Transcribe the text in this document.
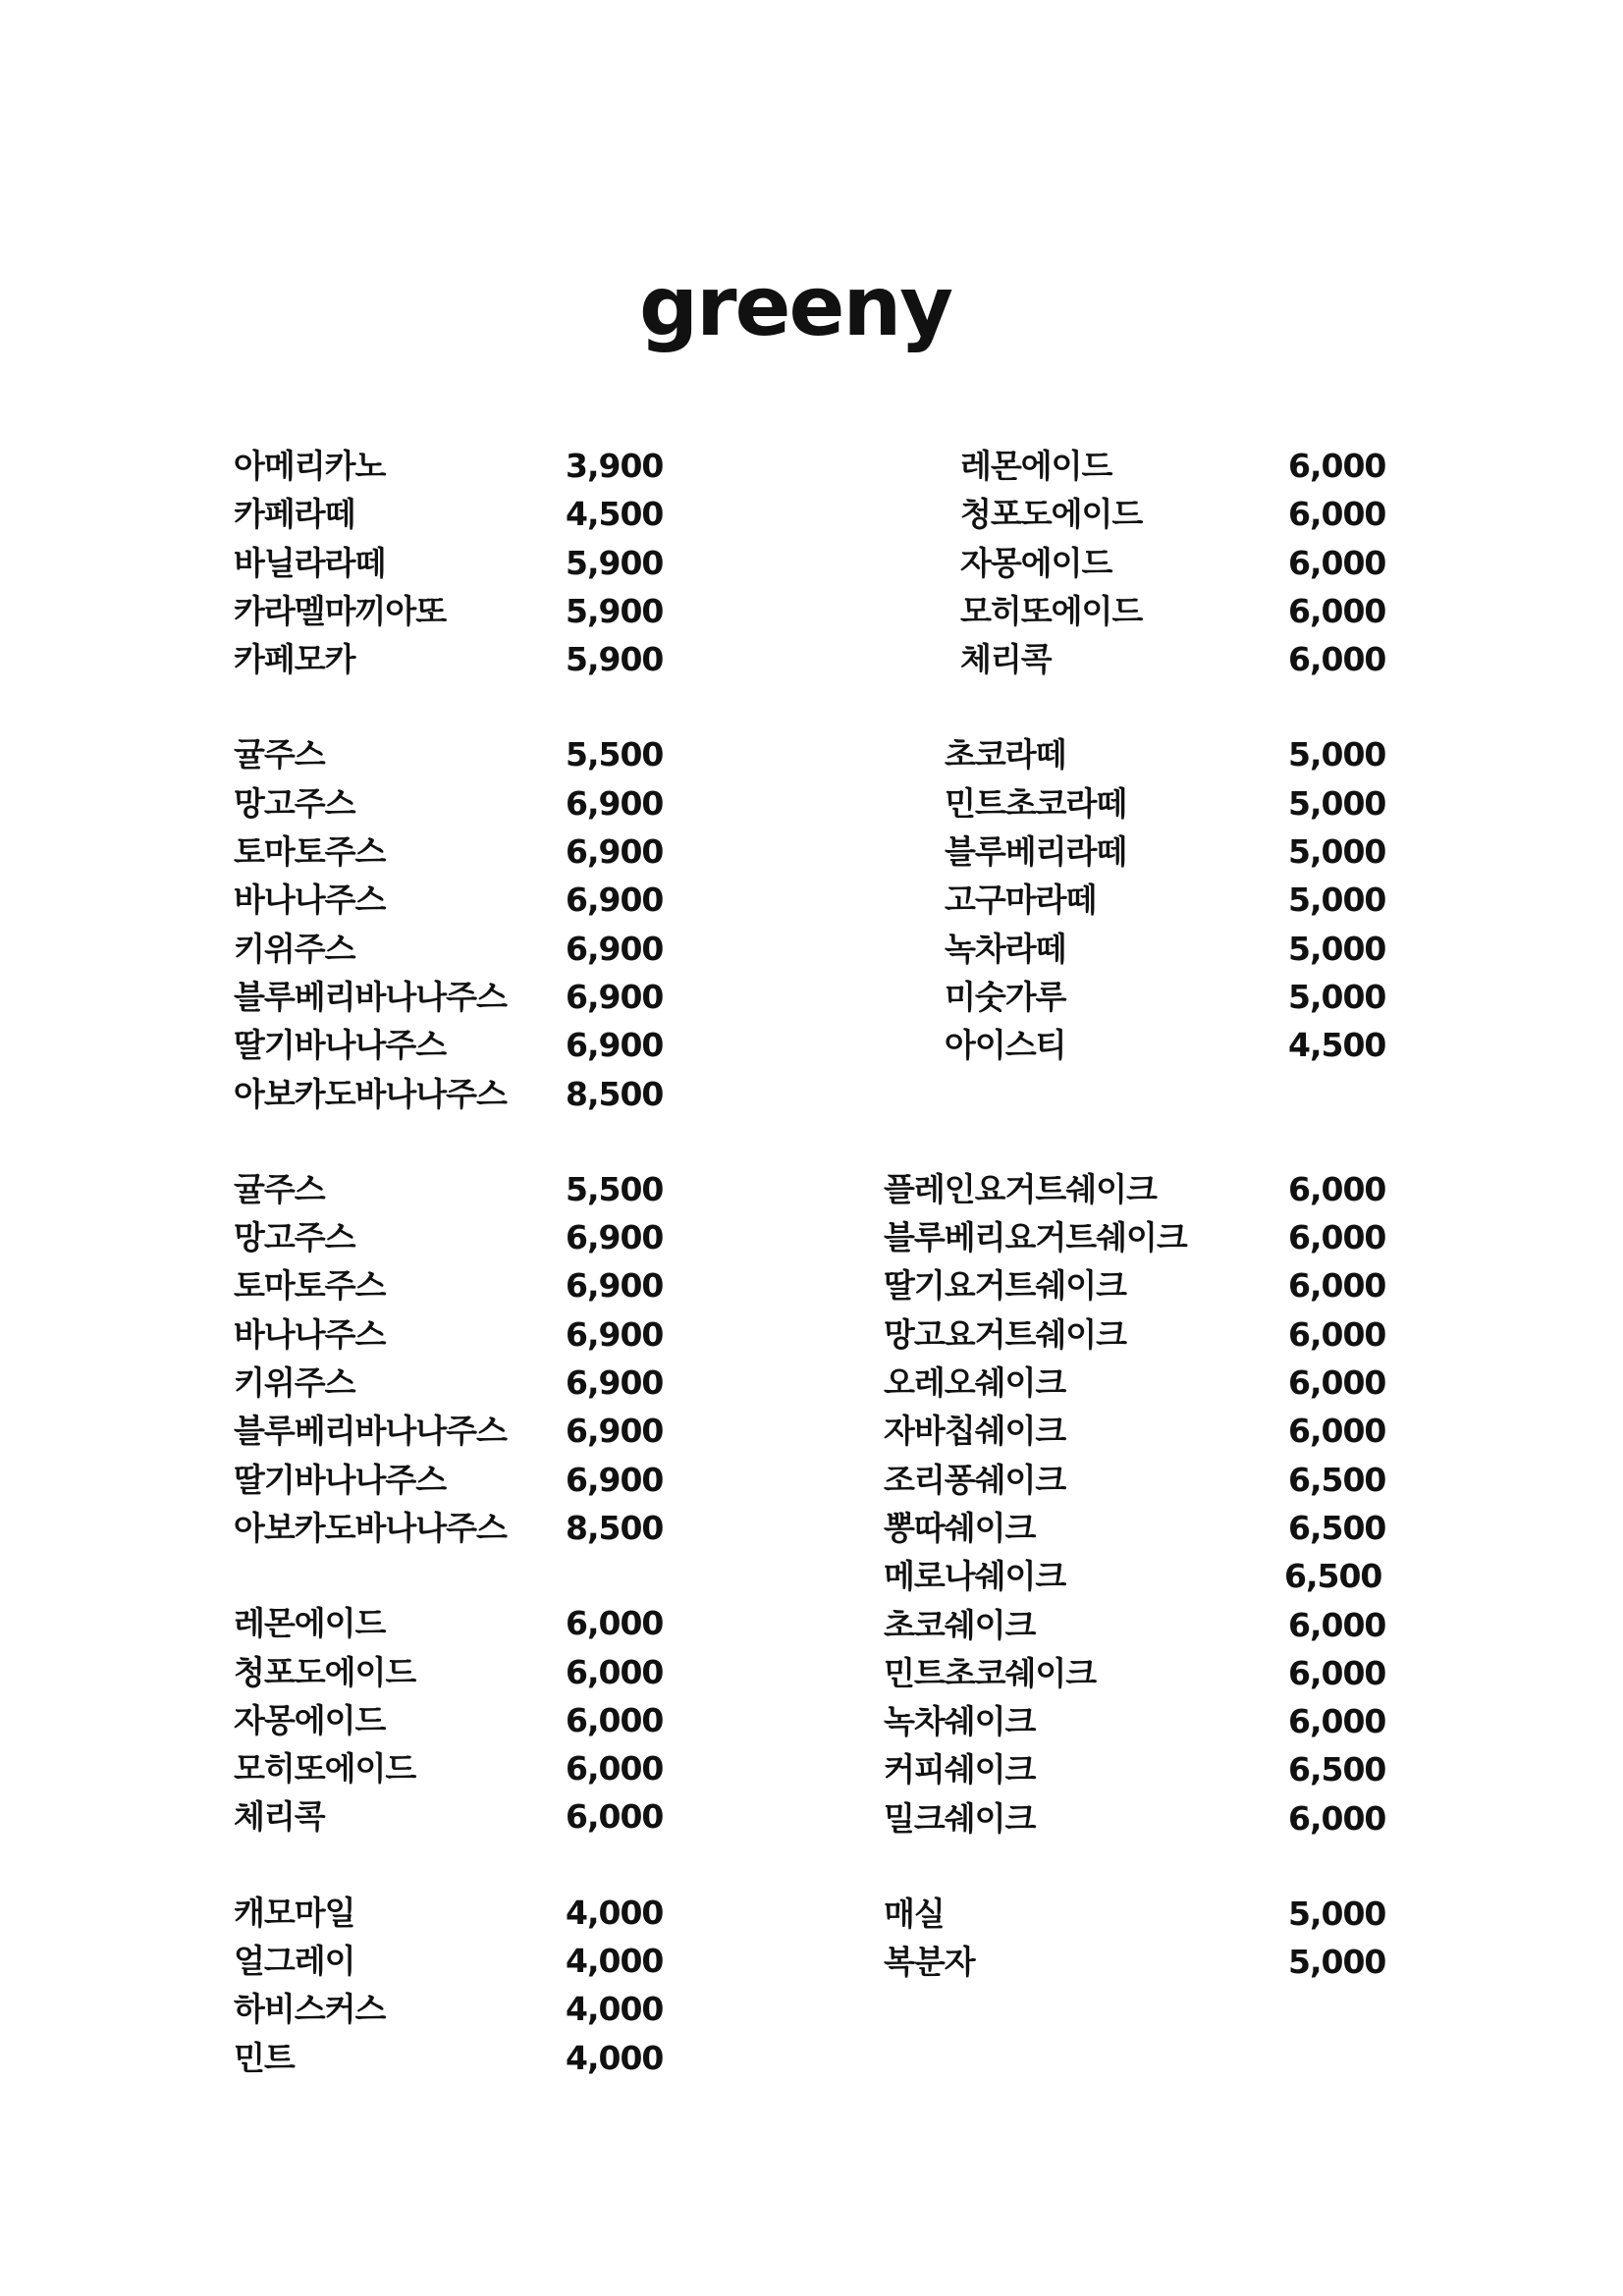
greeny
아메리카노	3,900
카페라떼	4,500
바닐라라떼	5,900
카라멜마끼아또	5,900
카페모카	5,900
귤주스	5,500
망고주스	6,900
토마토주스	6,900
바나나주스	6,900
키위주스	6,900
블루베리바나나주스 6,900
딸기바나나주스	6,900
아보카도바나나주스 8,500
귤주스	5,500
망고주스	6,900
토마토주스	6,900
바나나주스	6,900
키위주스	6,900
블루베리바나나주스 6,900
딸기바나나주스	6,900
아보카도바나나주스 8,500
레몬에이드	6,000
청포도에이드	6,000
자몽에이드	6,000
모히또에이드	6,000
체리콕	6,000
캐모마일	4,000
얼그레이	4,000
하비스커스	4,000
민트	4,000
레몬에이드	6,000
청포도에이드	6,000
자몽에이드	6,000
모히또에이드	6,000
체리콕	6,000
초코라떼	5,000
민트초코라떼	5,000
블루베리라떼	5,000
고구마라떼	5,000
녹차라떼	5,000
미숫가루	5,000
아이스티	4,500
플레인요거트쉐이크	6,000
블루베리요거트쉐이크	6,000
딸기요거트쉐이크	6,000
망고요거트쉐이크	6,000
오레오쉐이크	6,000
자바칩쉐이크	6,000
조리퐁쉐이크	6,500
뽕따쉐이크	6,500
메로나쉐이크	6,500
초코쉐이크	6,000
민트초코쉐이크	6,000
녹차쉐이크	6,000
커피쉐이크	6,500
밀크쉐이크	6,000
매실	5,000
복분자	5,000
